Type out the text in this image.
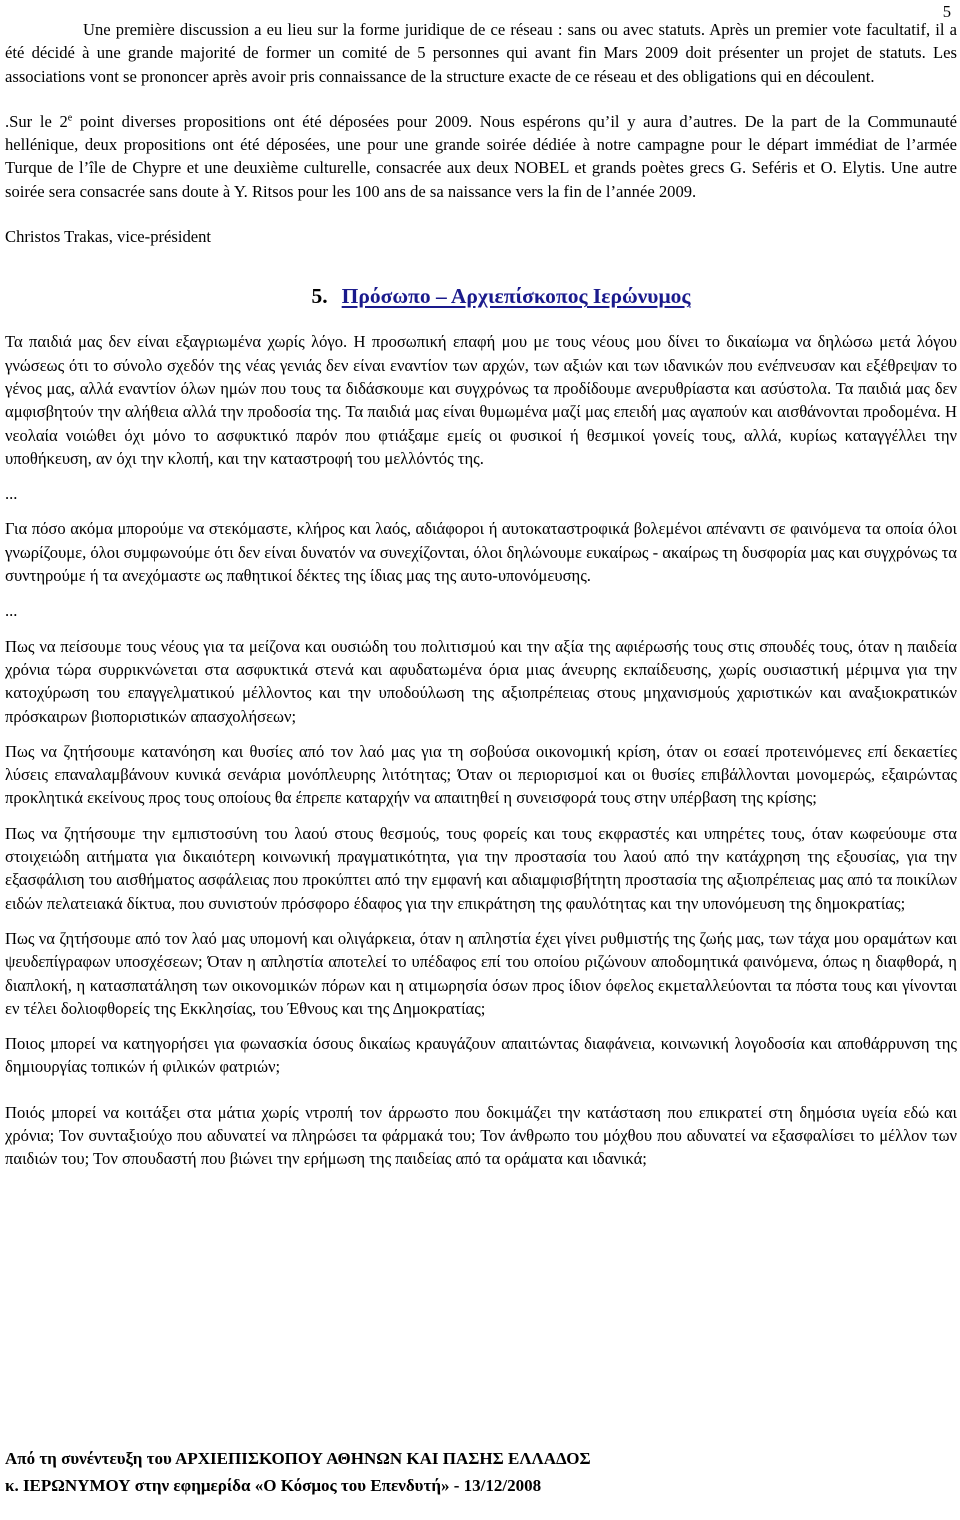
5

Une première discussion a eu lieu sur la forme juridique de ce réseau : sans ou avec statuts. Après un premier vote facultatif, il a été décidé à une grande majorité de former un comité de 5 personnes qui avant fin Mars 2009 doit présenter un projet de statuts. Les associations vont se prononcer après avoir pris connaissance de la structure exacte de ce réseau et des obligations qui en découlent.

.Sur le 2e point diverses propositions ont été déposées pour 2009. Nous espérons qu’il y aura d’autres. De la part de la Communauté hellénique, deux propositions ont été déposées, une pour une grande soirée dédiée à notre campagne pour le départ immédiat de l’armée Turque de l’île de Chypre et une deuxième culturelle, consacrée aux deux NOBEL et grands poètes grecs G. Seféris et O. Elytis. Une autre soirée sera consacrée sans doute à Y. Ritsos pour les 100 ans de sa naissance vers la fin de l’année 2009.

Christos Trakas, vice-président

5. Πρόσωπο – Αρχιεπίσκοπος Ιερώνυμος

Τα παιδιά μας δεν είναι εξαγριωμένα χωρίς λόγο. Η προσωπική επαφή μου με τους νέους μου δίνει το δικαίωμα να δηλώσω μετά λόγου γνώσεως ότι το σύνολο σχεδόν της νέας γενιάς δεν είναι εναντίον των αρχών, των αξιών και των ιδανικών που ενέπνευσαν και εξέθρεψαν το γένος μας, αλλά εναντίον όλων ημών που τους τα διδάσκουμε και συγχρόνως τα προδίδουμε ανερυθρίαστα και ασύστολα. Τα παιδιά μας δεν αμφισβητούν την αλήθεια αλλά την προδοσία της. Τα παιδιά μας είναι θυμωμένα μαζί μας επειδή μας αγαπούν και αισθάνονται προδομένα. Η νεολαία νοιώθει όχι μόνο το ασφυκτικό παρόν που φτιάξαμε εμείς οι φυσικοί ή θεσμικοί γονείς τους, αλλά, κυρίως καταγγέλλει την υποθήκευση, αν όχι την κλοπή, και την καταστροφή του μελλόντός της.

...

Για πόσο ακόμα μπορούμε να στεκόμαστε, κλήρος και λαός, αδιάφοροι ή αυτοκαταστροφικά βολεμένοι απέναντι σε φαινόμενα τα οποία όλοι γνωρίζουμε, όλοι συμφωνούμε ότι δεν είναι δυνατόν να συνεχίζονται, όλοι δηλώνουμε ευκαίρως - ακαίρως τη δυσφορία μας και συγχρόνως τα συντηρούμε ή τα ανεχόμαστε ως παθητικοί δέκτες της ίδιας μας της αυτο-υπονόμευσης.

...

Πως να πείσουμε τους νέους για τα μείζονα και ουσιώδη του πολιτισμού και την αξία της αφιέρωσής τους στις σπουδές τους, όταν η παιδεία χρόνια τώρα συρρικνώνεται στα ασφυκτικά στενά και αφυδατωμένα όρια μιας άνευρης εκπαίδευσης, χωρίς ουσιαστική μέριμνα για την κατοχύρωση του επαγγελματικού μέλλοντος και την υποδούλωση της αξιοπρέπειας στους μηχανισμούς χαριστικών και αναξιοκρατικών πρόσκαιρων βιοπορισtικών απασχολήσεων;

Πως να ζητήσουμε κατανόηση και θυσίες από τον λαό μας για τη σοβούσα οικονομική κρίση, όταν οι εσαεί προτεινόμενες επί δεκαετίες λύσεις επαναλαμβάνουν κυνικά σενάρια μονόπλευρης λιτότητας; Όταν οι περιορισμοί και οι θυσίες επιβάλλονται μονομερώς, εξαιρώντας προκλητικά εκείνους προς τους οποίους θα έπρεπε καταρχήν να απαιτηθεί η συνεισφορά τους στην υπέρβαση της κρίσης;

Πως να ζητήσουμε την εμπιστοσύνη του λαού στους θεσμούς, τους φορείς και τους εκφραστές και υπηρέτες τους, όταν κωφεύουμε στα στοιχειώδη αιτήματα για δικαιότερη κοινωνική πραγματικότητα, για την προστασία του λαού από την κατάχρηση της εξουσίας, για την εξασφάλιση του αισθήματος ασφάλειας που προκύπτει από την εμφανή και αδιαμφισβήτητη προστασία της αξιοπρέπειας μας από τα ποικίλων ειδών πελατειακά δίκτυα, που συνιστούν πρόσφορο έδαφος για την επικράτηση της φαυλότητας και την υπονόμευση της δημοκρατίας;

Πως να ζητήσουμε από τον λαό μας υπομονή και ολιγάρκεια, όταν η απληστία έχει γίνει ρυθμιστής της ζωής μας, των τάχα μου οραμάτων και ψευδεπίγραφων υποσχέσεων; Όταν η απληστία αποτελεί το υπέδαφος επί του οποίου ριζώνουν αποδομητικά φαινόμενα, όπως η διαφθορά, η διαπλοκή, η κατασπατάληση των οικονομικών πόρων και η ατιμωρησία όσων προς ίδιον όφελος εκμεταλλεύονται τα πόστα τους και γίνονται εν τέλει δολιοφθορείς της Εκκλησίας, του Έθνους και της Δημοκρατίας;

Ποιος μπορεί να κατηγορήσει για φωνασκία όσους δικαίως κραυγάζουν απαιτώντας διαφάνεια, κοινωνική λογοδοσία και αποθάρρυνση της δημιουργίας τοπικών ή φιλικών φατριών;

Ποιός μπορεί να κοιτάξει στα μάτια χωρίς ντροπή τον άρρωστο που δοκιμάζει την κατάσταση που επικρατεί στη δημόσια υγεία εδώ και χρόνια; Τον συνταξιούχο που αδυνατεί να πληρώσει τα φάρμακά του; Τον άνθρωπο του μόχθου που αδυνατεί να εξασφαλίσει το μέλλον των παιδιών του; Τον σπουδαστή που βιώνει την ερήμωση της παιδείας από τα οράματα και ιδανικά;

Από τη συνέντευξη του ΑΡΧΙΕΠΙΣΚΟΠΟΥ ΑΘΗΝΩΝ ΚΑΙ ΠΑΣΗΣ ΕΛΛΑΔΟΣ
κ. ΙΕΡΩΝΥΜΟΥ στην εφημερίδα «Ο Κόσμος του Επενδυτή» - 13/12/2008
